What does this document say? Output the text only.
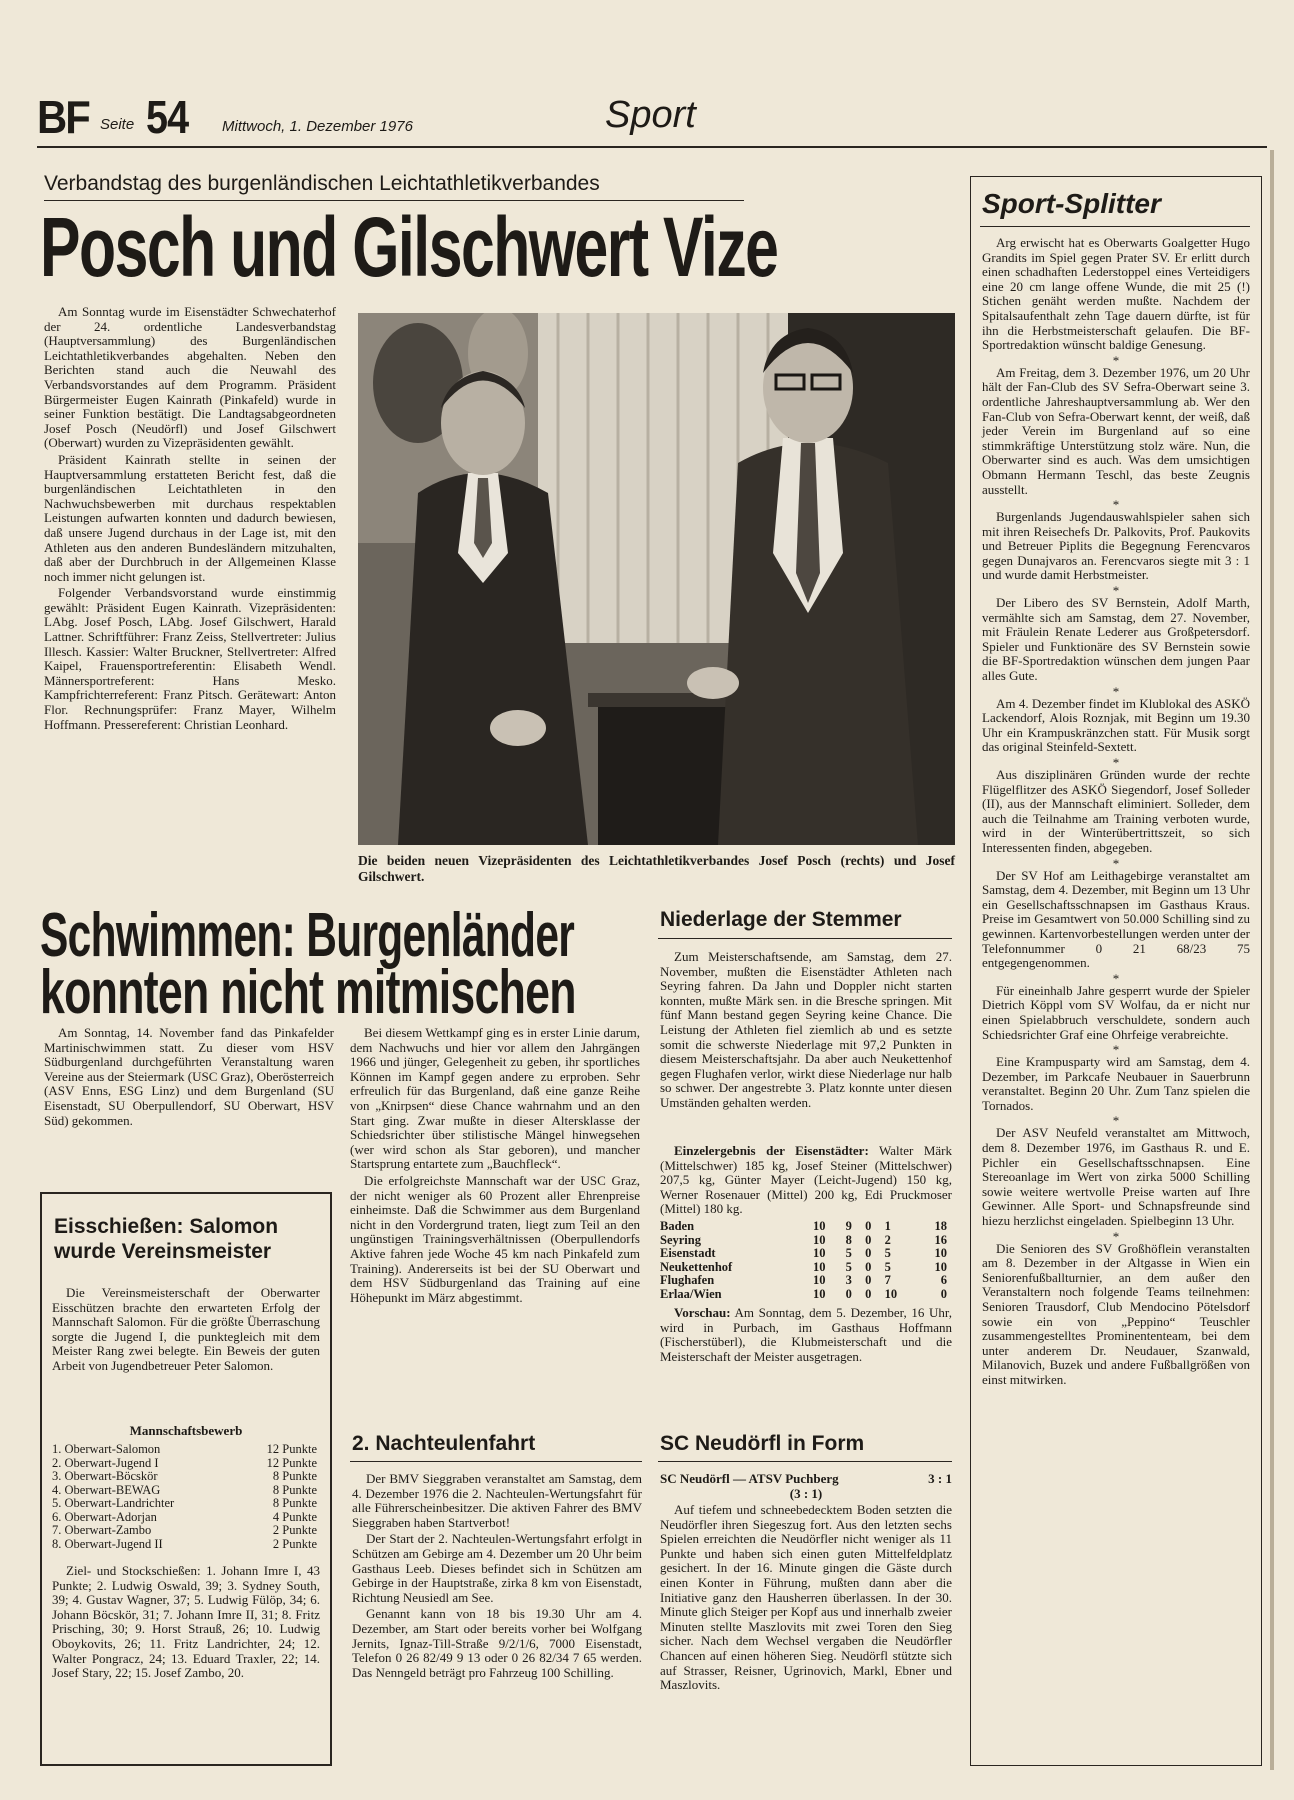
BF Seite 54 Mittwoch, 1. Dezember 1976	Sport
Verbandstag des burgenländischen Leichtathletikverbandes
Posch und Gilschwert Vize

Am Sonntag wurde im Eisenstädter Schwechaterhof der 24. ordentliche Landesverbandstag (Hauptversammlung) des Burgenländischen Leichtathletikverbandes abgehalten. Neben den Berichten stand auch die Neuwahl des Verbandsvorstandes auf dem Programm. Präsident Bürgermeister Eugen Kainrath (Pinkafeld) wurde in seiner Funktion bestätigt. Die Landtagsabgeordneten Josef Posch (Neudörfl) und Josef Gilschwert (Oberwart) wurden zu Vizepräsidenten gewählt.

Präsident Kainrath stellte in seinen der Hauptversammlung erstatteten Bericht fest, daß die burgenländischen Leichtathleten in den Nachwuchsbewerben mit durchaus respektablen Leistungen aufwarten konnten und dadurch bewiesen, daß unsere Jugend durchaus in der Lage ist, mit den Athleten aus den anderen Bundesländern mitzuhalten, daß aber der Durchbruch in der Allgemeinen Klasse noch immer nicht gelungen ist.

Folgender Verbandsvorstand wurde einstimmig gewählt: Präsident Eugen Kainrath. Vizepräsidenten: LAbg. Josef Posch, LAbg. Josef Gilschwert, Harald Lattner. Schriftführer: Franz Zeiss, Stellvertreter: Julius Illesch. Kassier: Walter Bruckner, Stellvertreter: Alfred Kaipel, Frauensportreferentin: Elisabeth Wendl. Männersportreferent: Hans Mesko. Kampfrichterreferent: Franz Pitsch. Gerätewart: Anton Flor. Rechnungsprüfer: Franz Mayer, Wilhelm Hoffmann. Pressereferent: Christian Leonhard.

Die beiden neuen Vizepräsidenten des Leichtathletikverbandes Josef Posch (rechts) und Josef Gilschwert.
Schwimmen: Burgenländer
konnten nicht mitmischen

Am Sonntag, 14. November fand das Pinkafelder Martinischwimmen statt. Zu dieser vom HSV Südburgenland durchgeführten Veranstaltung waren Vereine aus der Steiermark (USC Graz), Oberösterreich (ASV Enns, ESG Linz) und dem Burgenland (SU Eisenstadt, SU Oberpullendorf, SU Oberwart, HSV Süd) gekommen.

Bei diesem Wettkampf ging es in erster Linie darum, dem Nachwuchs und hier vor allem den Jahrgängen 1966 und jünger, Gelegenheit zu geben, ihr sportliches Können im Kampf gegen andere zu erproben. Sehr erfreulich für das Burgenland, daß eine ganze Reihe von „Knirpsen“ diese Chance wahrnahm und an den Start ging. Zwar mußte in dieser Altersklasse der Schiedsrichter über stilistische Mängel hinwegsehen (wer wird schon als Star geboren), und mancher Startsprung entartete zum „Bauchfleck“.

Die erfolgreichste Mannschaft war der USC Graz, der nicht weniger als 60 Prozent aller Ehrenpreise einheimste. Daß die Schwimmer aus dem Burgenland nicht in den Vordergrund traten, liegt zum Teil an den ungünstigen Trainingsverhältnissen (Oberpullendorfs Aktive fahren jede Woche 45 km nach Pinkafeld zum Training). Andererseits ist bei der SU Oberwart und dem HSV Südburgenland das Training auf eine Höhepunkt im März abgestimmt.

Eisschießen: Salomon wurde Vereinsmeister
Die Vereinsmeisterschaft der Oberwarter Eisschützen brachte den erwarteten Erfolg der Mannschaft Salomon. Für die größte Überraschung sorgte die Jugend I, die punktegleich mit dem Meister Rang zwei belegte. Ein Beweis der guten Arbeit von Jugendbetreuer Peter Salomon.
Mannschaftsbewerb
1. Oberwart-Salomon	12 Punkte
2. Oberwart-Jugend I	12 Punkte
3. Oberwart-Böcskör	8 Punkte
4. Oberwart-BEWAG	8 Punkte
5. Oberwart-Landrichter	8 Punkte
6. Oberwart-Adorjan	4 Punkte
7. Oberwart-Zambo	2 Punkte
8. Oberwart-Jugend II	2 Punkte
Ziel- und Stockschießen: 1. Johann Imre I, 43 Punkte; 2. Ludwig Oswald, 39; 3. Sydney South, 39; 4. Gustav Wagner, 37; 5. Ludwig Fülöp, 34; 6. Johann Böcskör, 31; 7. Johann Imre II, 31; 8. Fritz Prisching, 30; 9. Horst Strauß, 26; 10. Ludwig Oboykovits, 26; 11. Fritz Landrichter, 24; 12. Walter Pongracz, 24; 13. Eduard Traxler, 22; 14. Josef Stary, 22; 15. Josef Zambo, 20.
Niederlage der Stemmer
Zum Meisterschaftsende, am Samstag, dem 27. November, mußten die Eisenstädter Athleten nach Seyring fahren. Da Jahn und Doppler nicht starten konnten, mußte Märk sen. in die Bresche springen. Mit fünf Mann bestand gegen Seyring keine Chance. Die Leistung der Athleten fiel ziemlich ab und es setzte somit die schwerste Niederlage mit 97,2 Punkten in diesem Meisterschaftsjahr. Da aber auch Neukettenhof gegen Flughafen verlor, wirkt diese Niederlage nur halb so schwer. Der angestrebte 3. Platz konnte unter diesen Umständen gehalten werden.
Einzelergebnis der Eisenstädter: Walter Märk (Mittelschwer) 185 kg, Josef Steiner (Mittelschwer) 207,5 kg, Günter Mayer (Leicht-Jugend) 150 kg, Werner Rosenauer (Mittel) 200 kg, Edi Pruckmoser (Mittel) 180 kg.
Baden	10	9	0	1	18
Seyring	10	8	0	2	16
Eisenstadt	10	5	0	5	10
Neukettenhof	10	5	0	5	10
Flughafen	10	3	0	7	6
Erlaa/Wien	10	0	0	10	0
Vorschau: Am Sonntag, dem 5. Dezember, 16 Uhr, wird in Purbach, im Gasthaus Hoffmann (Fischerstüberl), die Klubmeisterschaft und die Meisterschaft der Meister ausgetragen.
2. Nachteulenfahrt

Der BMV Sieggraben veranstaltet am Samstag, dem 4. Dezember 1976 die 2. Nachteulen-Wertungsfahrt für alle Führerscheinbesitzer. Die aktiven Fahrer des BMV Sieggraben haben Startverbot!

Der Start der 2. Nachteulen-Wertungsfahrt erfolgt in Schützen am Gebirge am 4. Dezember um 20 Uhr beim Gasthaus Leeb. Dieses befindet sich in Schützen am Gebirge in der Hauptstraße, zirka 8 km von Eisenstadt, Richtung Neusiedl am See.

Genannt kann von 18 bis 19.30 Uhr am 4. Dezember, am Start oder bereits vorher bei Wolfgang Jernits, Ignaz-Till-Straße 9/2/1/6, 7000 Eisenstadt, Telefon 0 26 82/49 9 13 oder 0 26 82/34 7 65 werden. Das Nenngeld beträgt pro Fahrzeug 100 Schilling.

SC Neudörfl in Form
SC Neudörfl — ATSV Puchberg	3 : 1
(3 : 1)
Auf tiefem und schneebedecktem Boden setzten die Neudörfler ihren Siegeszug fort. Aus den letzten sechs Spielen erreichten die Neudörfler nicht weniger als 11 Punkte und haben sich einen guten Mittelfeldplatz gesichert. In der 16. Minute gingen die Gäste durch einen Konter in Führung, mußten dann aber die Initiative ganz den Hausherren überlassen. In der 30. Minute glich Steiger per Kopf aus und innerhalb zweier Minuten stellte Maszlovits mit zwei Toren den Sieg sicher. Nach dem Wechsel vergaben die Neudörfler Chancen auf einen höheren Sieg. Neudörfl stützte sich auf Strasser, Reisner, Ugrinovich, Markl, Ebner und Maszlovits.
Sport-Splitter

Arg erwischt hat es Oberwarts Goalgetter Hugo Grandits im Spiel gegen Prater SV. Er erlitt durch einen schadhaften Lederstoppel eines Verteidigers eine 20 cm lange offene Wunde, die mit 25 (!) Stichen genäht werden mußte. Nachdem der Spitalsaufenthalt zehn Tage dauern dürfte, ist für ihn die Herbstmeisterschaft gelaufen. Die BF-Sportredaktion wünscht baldige Genesung.

*

Am Freitag, dem 3. Dezember 1976, um 20 Uhr hält der Fan-Club des SV Sefra-Oberwart seine 3. ordentliche Jahreshauptversammlung ab. Wer den Fan-Club von Sefra-Oberwart kennt, der weiß, daß jeder Verein im Burgenland auf so eine stimmkräftige Unterstützung stolz wäre. Nun, die Oberwarter sind es auch. Was dem umsichtigen Obmann Hermann Teschl, das beste Zeugnis ausstellt.

*

Burgenlands Jugendauswahlspieler sahen sich mit ihren Reisechefs Dr. Palkovits, Prof. Paukovits und Betreuer Piplits die Begegnung Ferencvaros gegen Dunajvaros an. Ferencvaros siegte mit 3 : 1 und wurde damit Herbstmeister.

*

Der Libero des SV Bernstein, Adolf Marth, vermählte sich am Samstag, dem 27. November, mit Fräulein Renate Lederer aus Großpetersdorf. Spieler und Funktionäre des SV Bernstein sowie die BF-Sportredaktion wünschen dem jungen Paar alles Gute.

*

Am 4. Dezember findet im Klublokal des ASKÖ Lackendorf, Alois Roznjak, mit Beginn um 19.30 Uhr ein Krampuskränzchen statt. Für Musik sorgt das original Steinfeld-Sextett.

*

Aus disziplinären Gründen wurde der rechte Flügelflitzer des ASKÖ Siegendorf, Josef Solleder (II), aus der Mannschaft eliminiert. Solleder, dem auch die Teilnahme am Training verboten wurde, wird in der Winterübertrittszeit, so sich Interessenten finden, abgegeben.

*

Der SV Hof am Leithagebirge veranstaltet am Samstag, dem 4. Dezember, mit Beginn um 13 Uhr ein Gesellschaftsschnapsen im Gasthaus Kraus. Preise im Gesamtwert von 50.000 Schilling sind zu gewinnen. Kartenvorbestellungen werden unter der Telefonnummer 0 21 68/23 75 entgegengenommen.

*

Für eineinhalb Jahre gesperrt wurde der Spieler Dietrich Köppl vom SV Wolfau, da er nicht nur einen Spielabbruch verschuldete, sondern auch Schiedsrichter Graf eine Ohrfeige verabreichte.

*

Eine Krampusparty wird am Samstag, dem 4. Dezember, im Parkcafe Neubauer in Sauerbrunn veranstaltet. Beginn 20 Uhr. Zum Tanz spielen die Tornados.

*

Der ASV Neufeld veranstaltet am Mittwoch, dem 8. Dezember 1976, im Gasthaus R. und E. Pichler ein Gesellschaftsschnapsen. Eine Stereoanlage im Wert von zirka 5000 Schilling sowie weitere wertvolle Preise warten auf Ihre Gewinner. Alle Sport- und Schnapsfreunde sind hiezu herzlichst eingeladen. Spielbeginn 13 Uhr.

*

Die Senioren des SV Großhöflein veranstalten am 8. Dezember in der Altgasse in Wien ein Seniorenfußballturnier, an dem außer den Veranstaltern noch folgende Teams teilnehmen: Senioren Trausdorf, Club Mendocino Pötelsdorf sowie ein von „Peppino“ Teuschler zusammengestelltes Prominententeam, bei dem unter anderem Dr. Neudauer, Szanwald, Milanovich, Buzek und andere Fußballgrößen von einst mitwirken.
